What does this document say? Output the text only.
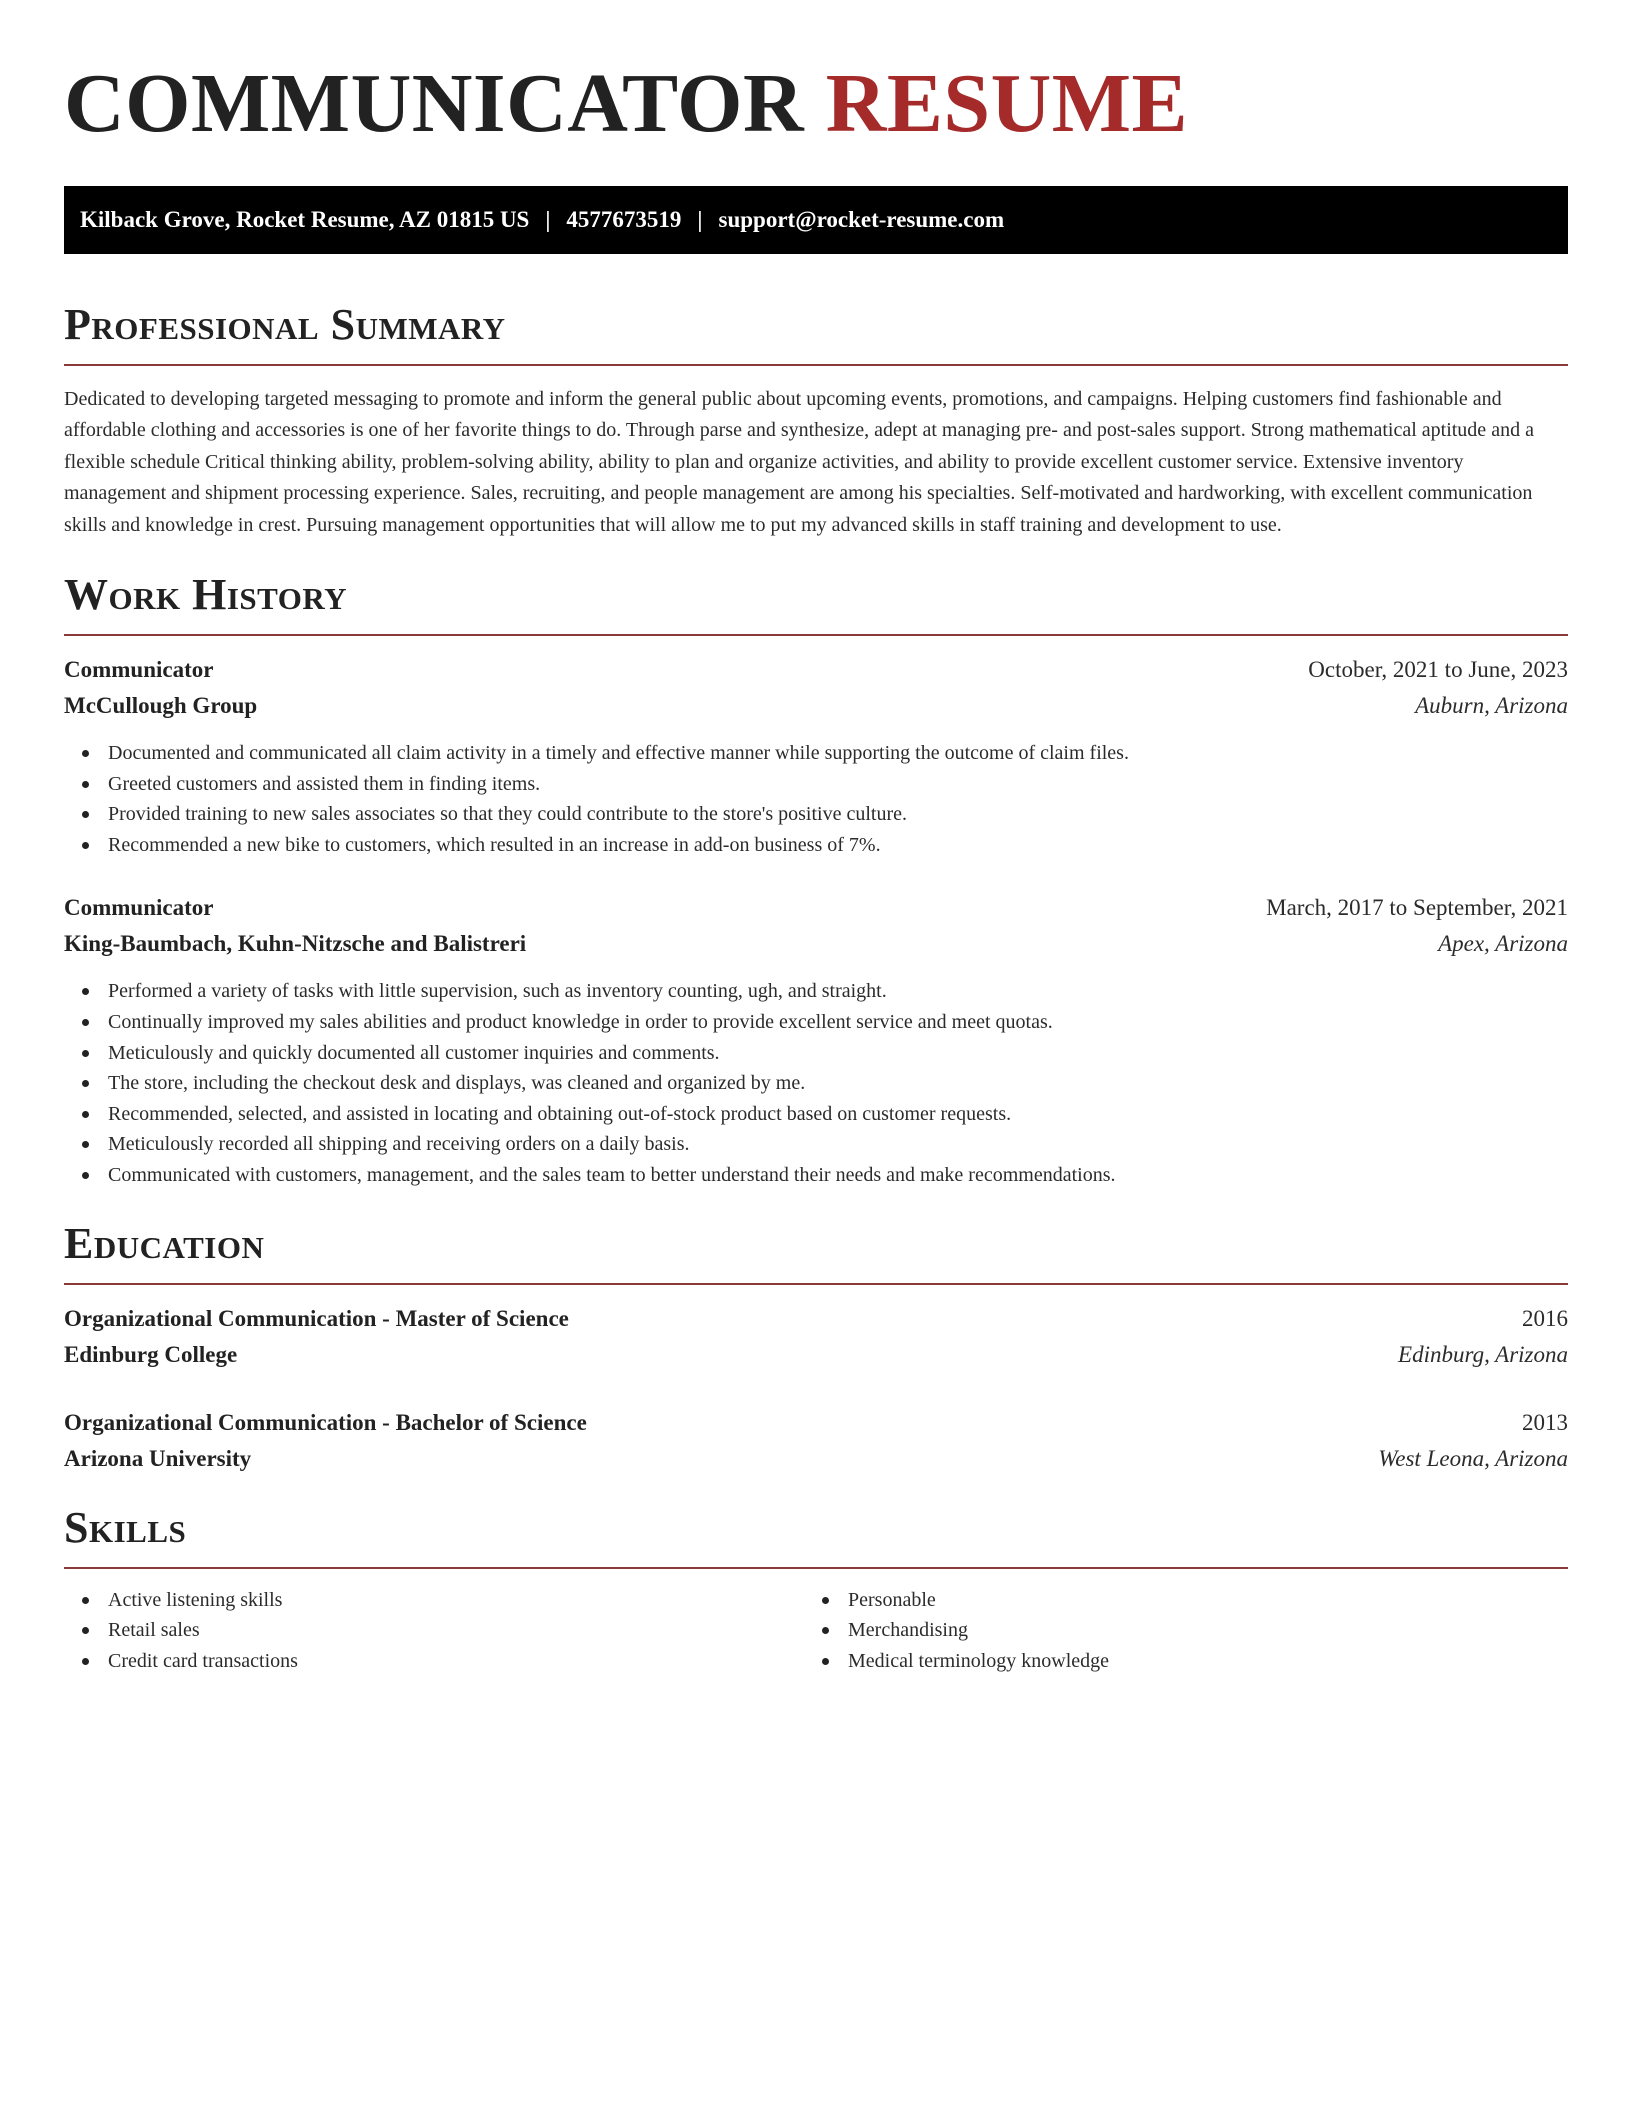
COMMUNICATOR RESUME
Kilback Grove, Rocket Resume, AZ 01815 US | 4577673519 | support@rocket-resume.com
Professional Summary

Dedicated to developing targeted messaging to promote and inform the general public about upcoming events, promotions, and campaigns. Helping customers find fashionable and affordable clothing and accessories is one of her favorite things to do. Through parse and synthesize, adept at managing pre- and post-sales support. Strong mathematical aptitude and a flexible schedule Critical thinking ability, problem-solving ability, ability to plan and organize activities, and ability to provide excellent customer service. Extensive inventory management and shipment processing experience. Sales, recruiting, and people management are among his specialties. Self-motivated and hardworking, with excellent communication skills and knowledge in crest. Pursuing management opportunities that will allow me to put my advanced skills in staff training and development to use.

Work History
Communicator	October, 2021 to June, 2023
McCullough Group	Auburn, Arizona
Documented and communicated all claim activity in a timely and effective manner while supporting the outcome of claim files.
Greeted customers and assisted them in finding items.
Provided training to new sales associates so that they could contribute to the store's positive culture.
Recommended a new bike to customers, which resulted in an increase in add-on business of 7%.
Communicator	March, 2017 to September, 2021
King-Baumbach, Kuhn-Nitzsche and Balistreri	Apex, Arizona
Performed a variety of tasks with little supervision, such as inventory counting, ugh, and straight.
Continually improved my sales abilities and product knowledge in order to provide excellent service and meet quotas.
Meticulously and quickly documented all customer inquiries and comments.
The store, including the checkout desk and displays, was cleaned and organized by me.
Recommended, selected, and assisted in locating and obtaining out-of-stock product based on customer requests.
Meticulously recorded all shipping and receiving orders on a daily basis.
Communicated with customers, management, and the sales team to better understand their needs and make recommendations.
Education
Organizational Communication - Master of Science	2016
Edinburg College	Edinburg, Arizona
Organizational Communication - Bachelor of Science	2013
Arizona University	West Leona, Arizona
Skills
Active listening skills
Retail sales
Credit card transactions
Personable
Merchandising
Medical terminology knowledge
